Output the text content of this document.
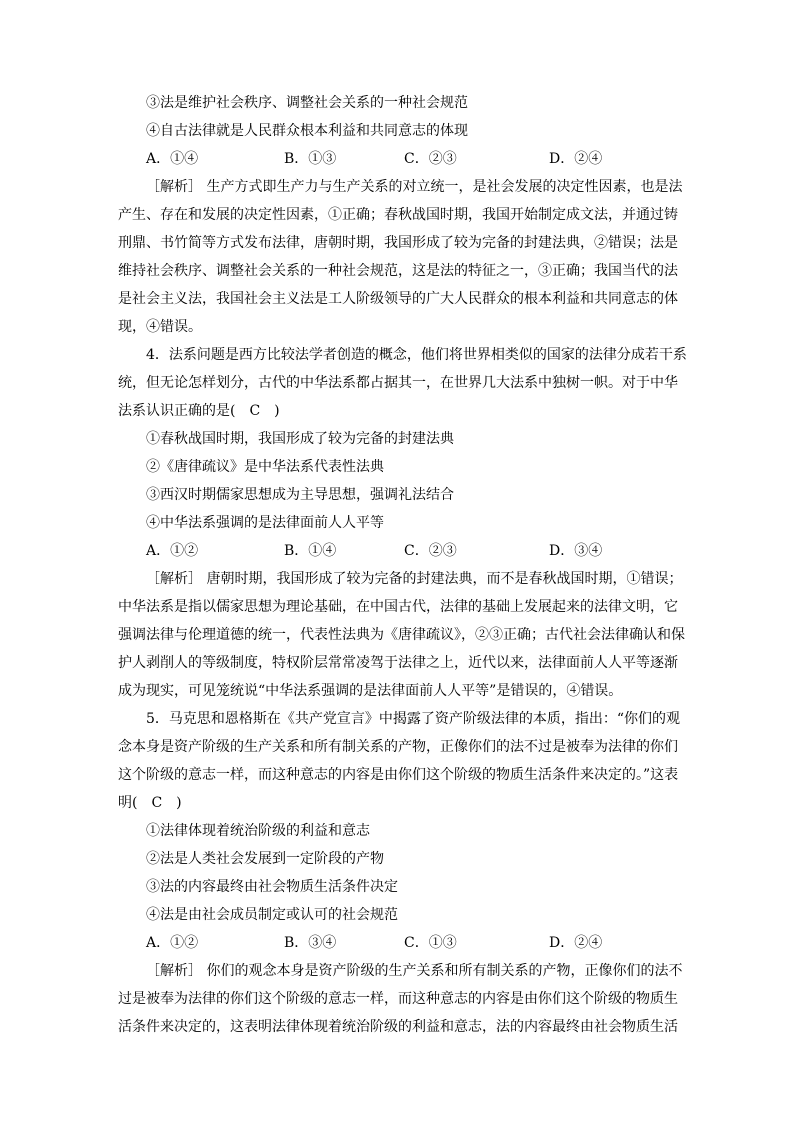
③法是维护社会秩序、调整社会关系的一种社会规范
④自古法律就是人民群众根本利益和共同意志的体现
A．①④	B．①③	C．②③	D．②④
［解析］ 生产方式即生产力与生产关系的对立统一，是社会发展的决定性因素，也是法
产生、存在和发展的决定性因素，①正确；春秋战国时期，我国开始制定成文法，并通过铸
刑鼎、书竹简等方式发布法律，唐朝时期，我国形成了较为完备的封建法典，②错误；法是
维持社会秩序、调整社会关系的一种社会规范，这是法的特征之一，③正确；我国当代的法
是社会主义法，我国社会主义法是工人阶级领导的广大人民群众的根本利益和共同意志的体
现，④错误。
4．法系问题是西方比较法学者创造的概念，他们将世界相类似的国家的法律分成若干系
统，但无论怎样划分，古代的中华法系都占据其一，在世界几大法系中独树一帜。对于中华
法系认识正确的是(　C　)
①春秋战国时期，我国形成了较为完备的封建法典
②《唐律疏议》是中华法系代表性法典
③西汉时期儒家思想成为主导思想，强调礼法结合
④中华法系强调的是法律面前人人平等
A．①②	B．①④	C．②③	D．③④
［解析］ 唐朝时期，我国形成了较为完备的封建法典，而不是春秋战国时期，①错误；
中华法系是指以儒家思想为理论基础，在中国古代，法律的基础上发展起来的法律文明，它
强调法律与伦理道德的统一，代表性法典为《唐律疏议》，②③正确；古代社会法律确认和保
护人剥削人的等级制度，特权阶层常常凌驾于法律之上，近代以来，法律面前人人平等逐渐
成为现实，可见笼统说“中华法系强调的是法律面前人人平等”是错误的，④错误。
5．马克思和恩格斯在《共产党宣言》中揭露了资产阶级法律的本质，指出：“你们的观
念本身是资产阶级的生产关系和所有制关系的产物，正像你们的法不过是被奉为法律的你们
这个阶级的意志一样，而这种意志的内容是由你们这个阶级的物质生活条件来决定的。”这表
明(　C　)
①法律体现着统治阶级的利益和意志
②法是人类社会发展到一定阶段的产物
③法的内容最终由社会物质生活条件决定
④法是由社会成员制定或认可的社会规范
A．①②	B．③④	C．①③	D．②④
［解析］ 你们的观念本身是资产阶级的生产关系和所有制关系的产物，正像你们的法不
过是被奉为法律的你们这个阶级的意志一样，而这种意志的内容是由你们这个阶级的物质生
活条件来决定的，这表明法律体现着统治阶级的利益和意志，法的内容最终由社会物质生活
